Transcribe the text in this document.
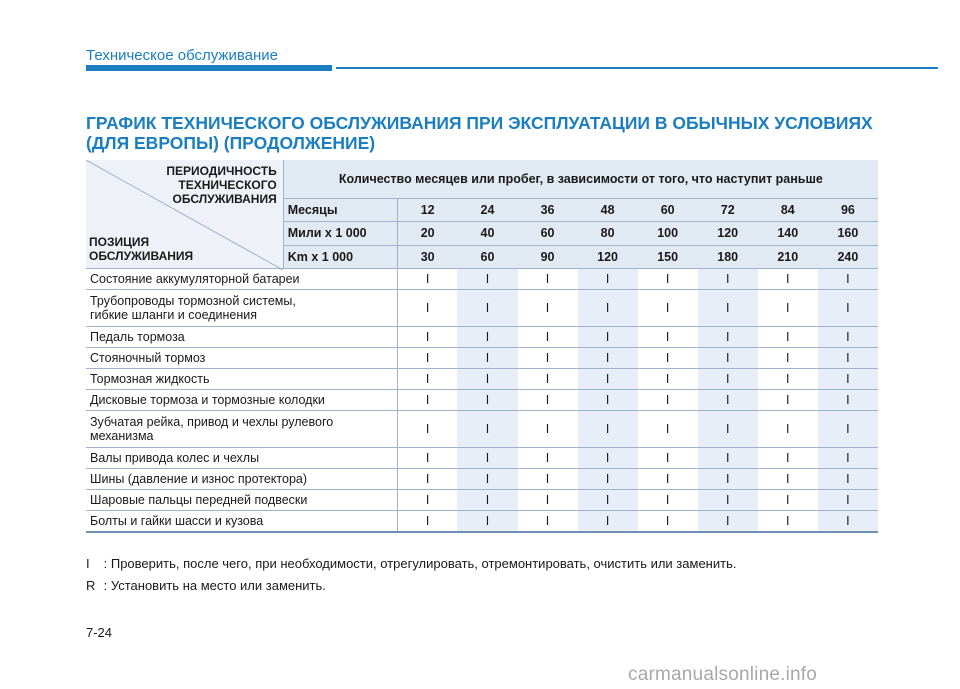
Техническое обслуживание
ГРАФИК ТЕХНИЧЕСКОГО ОБСЛУЖИВАНИЯ ПРИ ЭКСПЛУАТАЦИИ В ОБЫЧНЫХ УСЛОВИЯХ (ДЛЯ ЕВРОПЫ) (ПРОДОЛЖЕНИЕ)
ПЕРИОДИЧНОСТЬ
ТЕХНИЧЕСКОГО
ОБСЛУЖИВАНИЯ
ПОЗИЦИЯ
ОБСЛУЖИВАНИЯ	Количество месяцев или пробег, в зависимости от того, что наступит раньше								
	Месяцы	12	24	36	48	60	72	84	96
	Мили x 1 000	20	40	60	80	100	120	140	160
	Km x 1 000	30	60	90	120	150	180	210	240

Состояние аккумуляторной батареи		I	I	I	I	I	I	I	I

Трубопроводы тормозной системы,
гибкие шланги и соединения		I	I	I	I	I	I	I	I

Педаль тормоза		I	I	I	I	I	I	I	I

Стояночный тормоз		I	I	I	I	I	I	I	I

Тормозная жидкость		I	I	I	I	I	I	I	I

Дисковые тормоза и тормозные колодки		I	I	I	I	I	I	I	I

Зубчатая рейка, привод и чехлы рулевого
механизма		I	I	I	I	I	I	I	I

Валы привода колес и чехлы		I	I	I	I	I	I	I	I

Шины (давление и износ протектора)		I	I	I	I	I	I	I	I

Шаровые пальцы передней подвески		I	I	I	I	I	I	I	I

Болты и гайки шасси и кузова		I	I	I	I	I	I	I	I
I : Проверить, после чего, при необходимости, отрегулировать, отремонтировать, очистить или заменить.
R : Установить на место или заменить.
7-24
carmanualsonline.info
